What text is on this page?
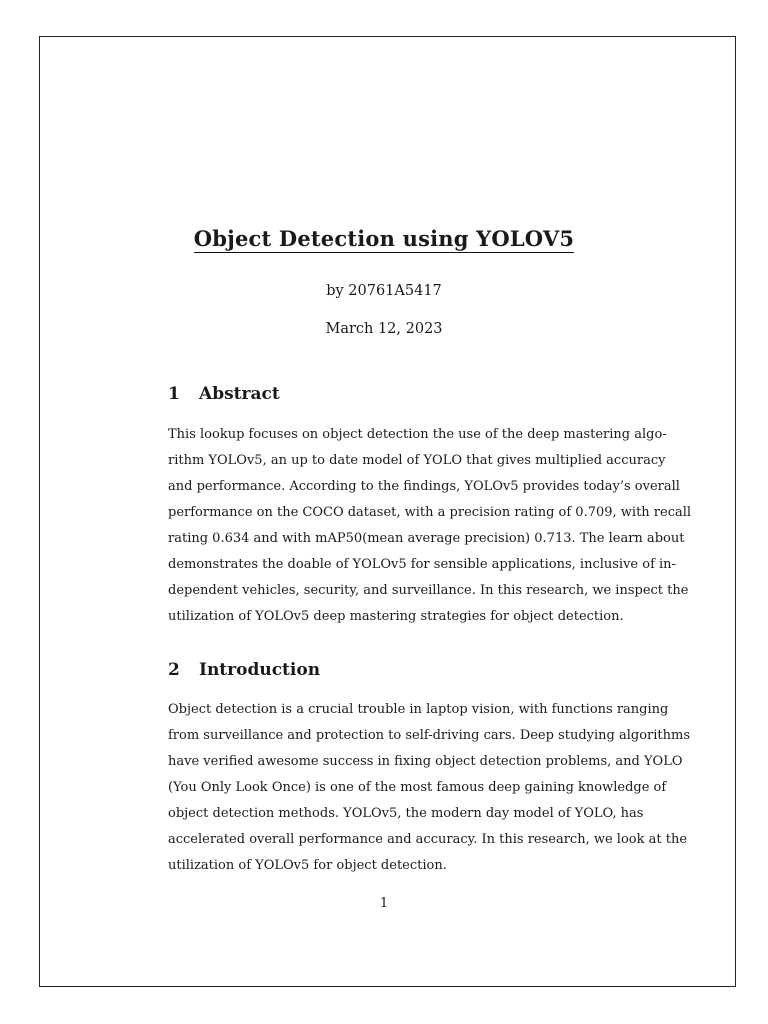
Object Detection using YOLOV5
by 20761A5417
March 12, 2023
1 Abstract
This lookup focuses on object detection the use of the deep mastering algo-
rithm YOLOv5, an up to date model of YOLO that gives multiplied accuracy
and performance. According to the findings, YOLOv5 provides today’s overall
performance on the COCO dataset, with a precision rating of 0.709, with recall
rating 0.634 and with mAP50(mean average precision) 0.713. The learn about
demonstrates the doable of YOLOv5 for sensible applications, inclusive of in-
dependent vehicles, security, and surveillance. In this research, we inspect the
utilization of YOLOv5 deep mastering strategies for object detection.
2 Introduction
Object detection is a crucial trouble in laptop vision, with functions ranging
from surveillance and protection to self-driving cars. Deep studying algorithms
have verified awesome success in fixing object detection problems, and YOLO
(You Only Look Once) is one of the most famous deep gaining knowledge of
object detection methods. YOLOv5, the modern day model of YOLO, has
accelerated overall performance and accuracy. In this research, we look at the
utilization of YOLOv5 for object detection.
1
